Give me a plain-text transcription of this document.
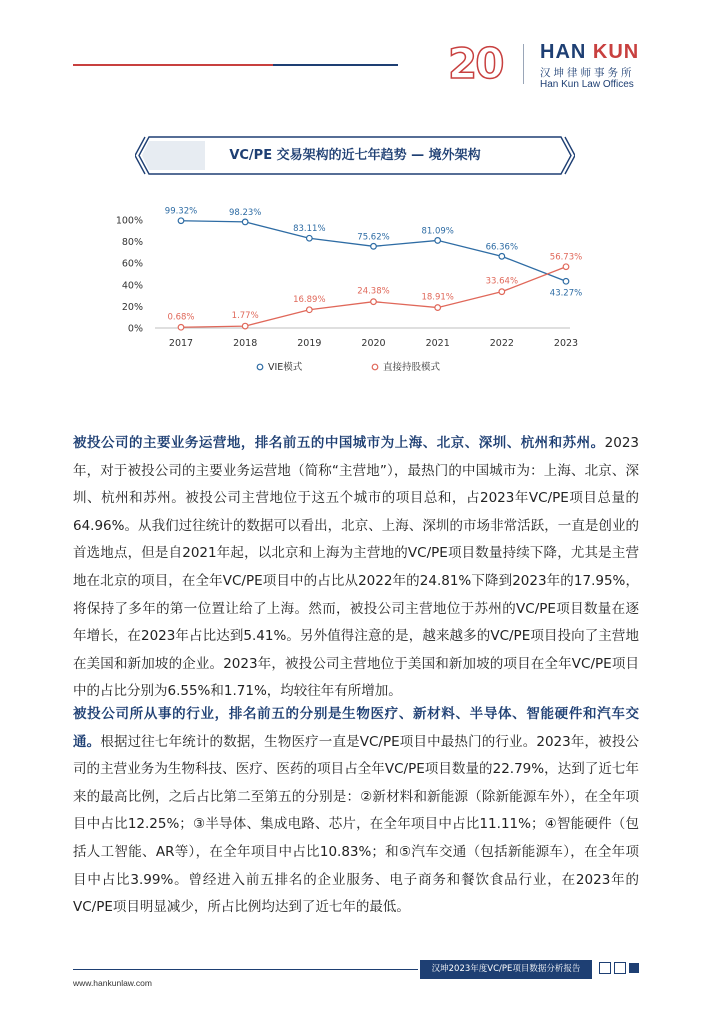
20 HAN KUN
汉坤律师事务所
Han Kun Law Offices
VC/PE 交易架构的近七年趋势 — 境外架构
100%
80%
60%
40%
20%
0%
2017	2018	2019	2020	2021	2022	2023
99.32%	98.23%
83.11%
75.62%
81.09%
66.36%
43.27%
0.68%	1.77%
16.89%
24.38%
18.91%
33.64%
56.73%
VIE模式	直接持股模式

被投公司的主要业务运营地，排名前五的中国城市为上海、北京、深圳、杭州和苏州。2023年，对于被投公司的主要业务运营地（简称“主营地”），最热门的中国城市为：上海、北京、深圳、杭州和苏州。被投公司主营地位于这五个城市的项目总和，占2023年VC/PE项目总量的64.96%。从我们过往统计的数据可以看出，北京、上海、深圳的市场非常活跃，一直是创业的首选地点，但是自2021年起，以北京和上海为主营地的VC/PE项目数量持续下降，尤其是主营地在北京的项目，在全年VC/PE项目中的占比从2022年的24.81%下降到2023年的17.95%，将保持了多年的第一位置让给了上海。然而，被投公司主营地位于苏州的VC/PE项目数量在逐年增长，在2023年占比达到5.41%。另外值得注意的是，越来越多的VC/PE项目投向了主营地在美国和新加坡的企业。2023年，被投公司主营地位于美国和新加坡的项目在全年VC/PE项目中的占比分别为6.55%和1.71%，均较往年有所增加。

被投公司所从事的行业，排名前五的分别是生物医疗、新材料、半导体、智能硬件和汽车交通。根据过往七年统计的数据，生物医疗一直是VC/PE项目中最热门的行业。2023年，被投公司的主营业务为生物科技、医疗、医药的项目占全年VC/PE项目数量的22.79%，达到了近七年来的最高比例，之后占比第二至第五的分别是：②新材料和新能源（除新能源车外），在全年项目中占比12.25%；③半导体、集成电路、芯片，在全年项目中占比11.11%；④智能硬件（包括人工智能、AR等），在全年项目中占比10.83%；和⑤汽车交通（包括新能源车），在全年项目中占比3.99%。曾经进入前五排名的企业服务、电子商务和餐饮食品行业，在2023年的VC/PE项目明显减少，所占比例均达到了近七年的最低。

www.hankunlaw.com
汉坤2023年度VC/PE项目数据分析报告
